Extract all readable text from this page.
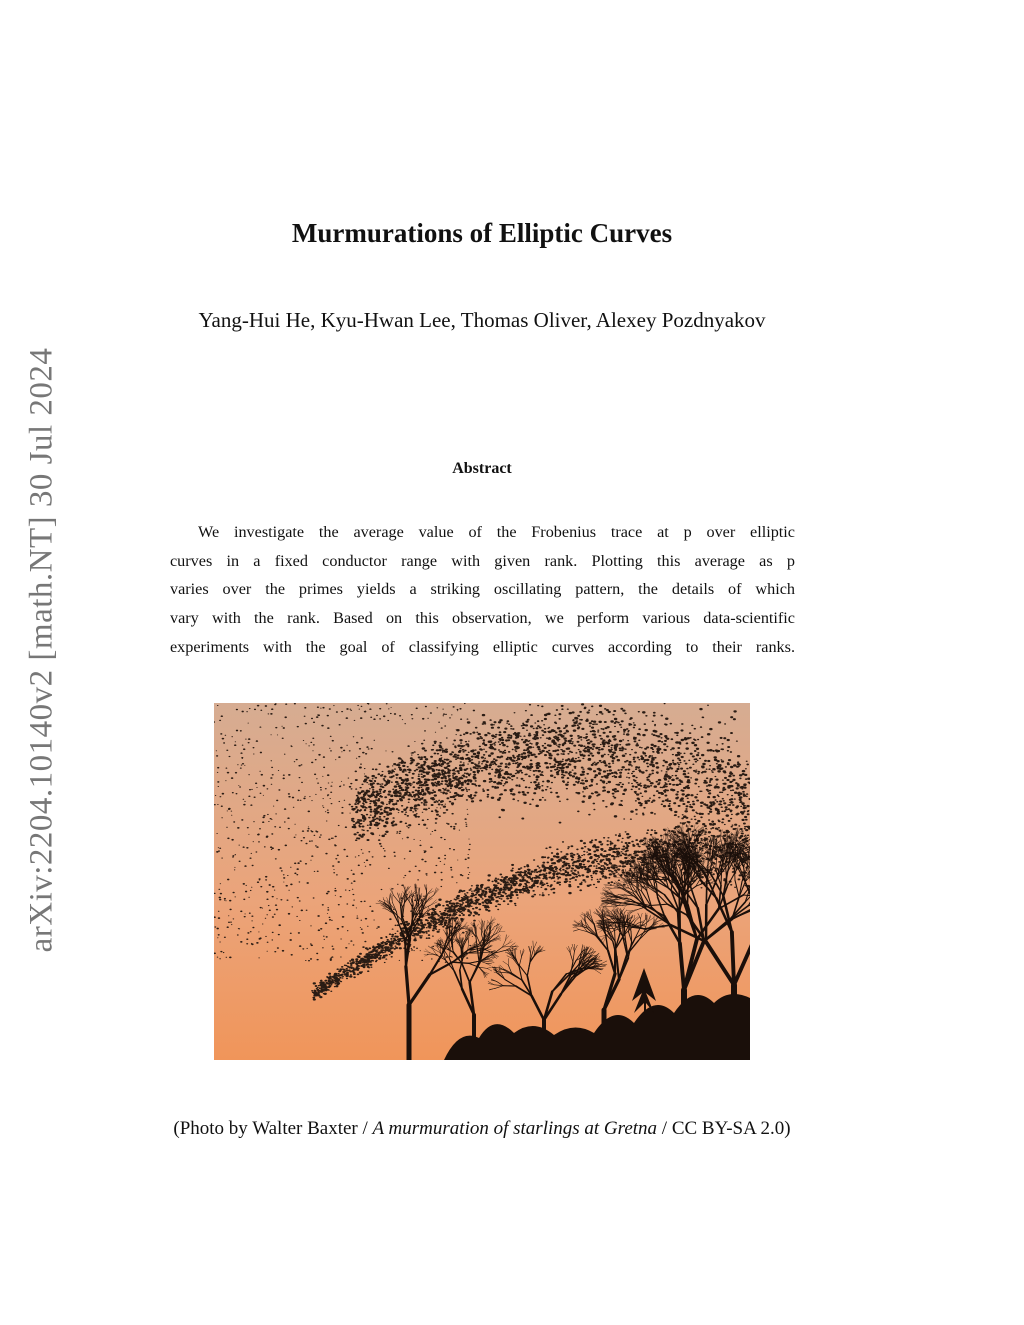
arXiv:2204.10140v2 [math.NT] 30 Jul 2024
Murmurations of Elliptic Curves
Yang-Hui He, Kyu-Hwan Lee, Thomas Oliver, Alexey Pozdnyakov
Abstract
We investigate the average value of the Frobenius trace at p over elliptic
curves in a fixed conductor range with given rank. Plotting this average as p
varies over the primes yields a striking oscillating pattern, the details of which
vary with the rank. Based on this observation, we perform various data-scientific
experiments with the goal of classifying elliptic curves according to their ranks.
(Photo by Walter Baxter / A murmuration of starlings at Gretna / CC BY-SA 2.0)
